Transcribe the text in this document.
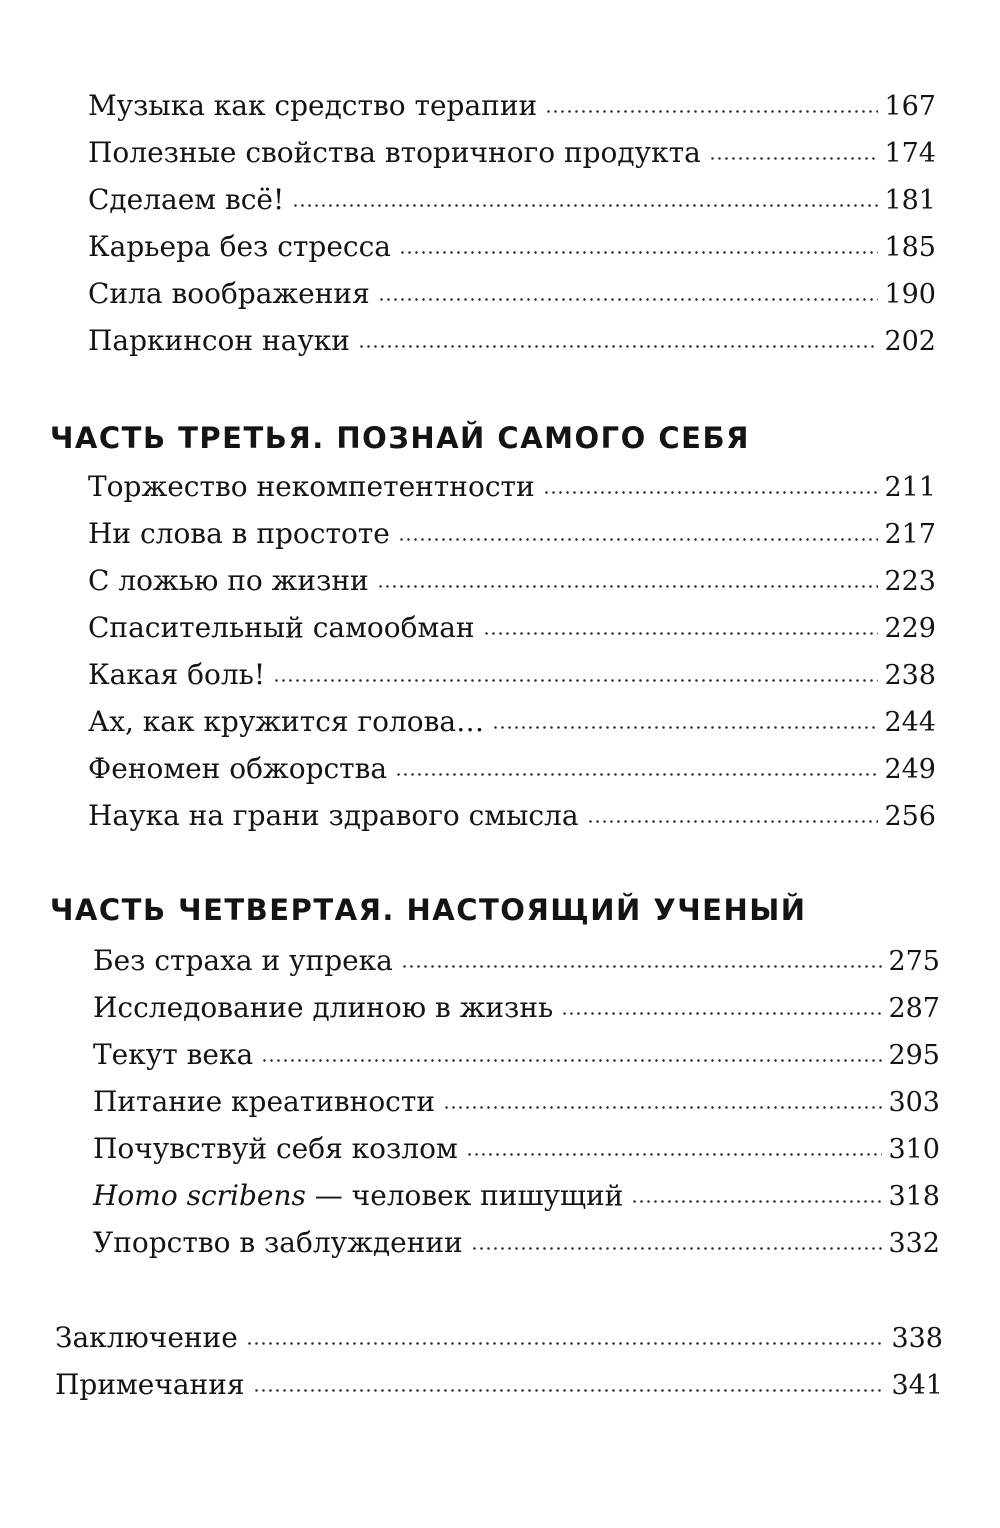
Музыка как средство терапии	167
Полезные свойства вторичного продукта	174
Сделаем всё!	181
Карьера без стресса	185
Сила воображения	190
Паркинсон науки	202
ЧАСТЬ ТРЕТЬЯ. ПОЗНАЙ САМОГО СЕБЯ
Торжество некомпетентности	211
Ни слова в простоте	217
С ложью по жизни	223
Спасительный самообман	229
Какая боль!	238
Ах, как кружится голова…	244
Феномен обжорства	249
Наука на грани здравого смысла	256
ЧАСТЬ ЧЕТВЕРТАЯ. НАСТОЯЩИЙ УЧЕНЫЙ
Без страха и упрека	275
Исследование длиною в жизнь	287
Текут века	295
Питание креативности	303
Почувствуй себя козлом	310
Homo scribens — человек пишущий	318
Упорство в заблуждении	332
Заключение	338
Примечания	341
